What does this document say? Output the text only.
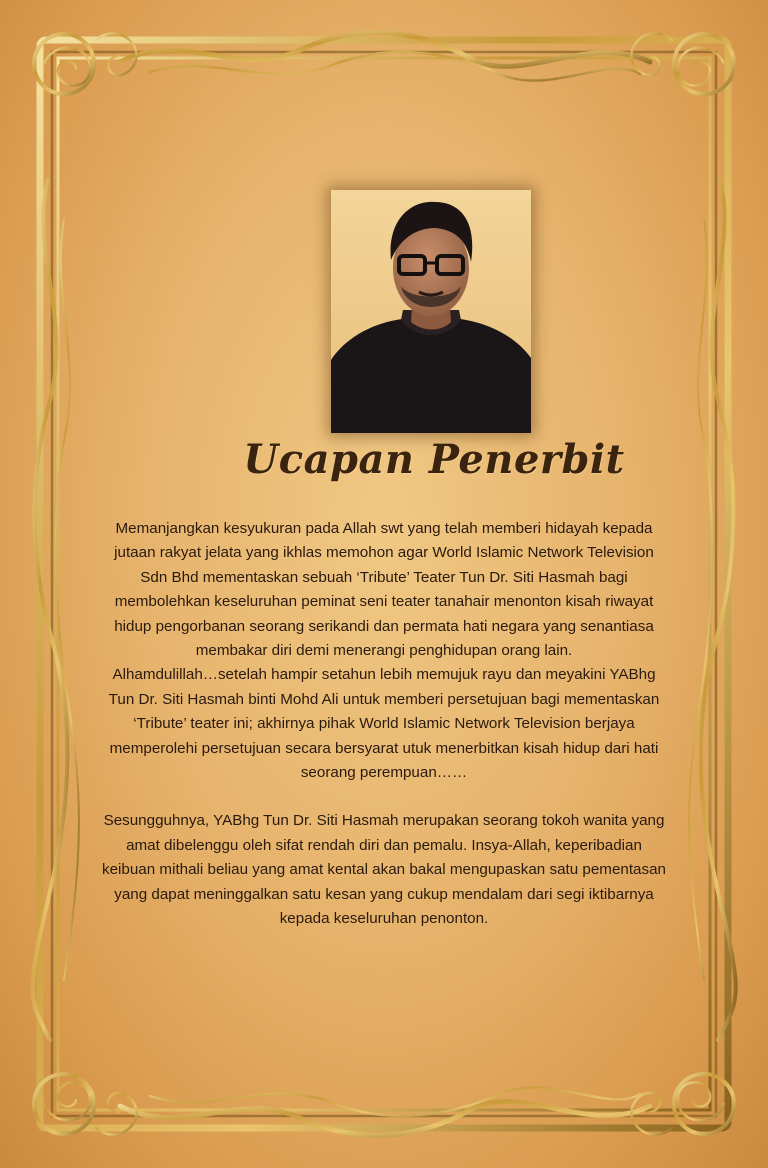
Ucapan Penerbit

Memanjangkan kesyukuran pada Allah swt yang telah memberi hidayah kepada jutaan rakyat jelata yang ikhlas memohon agar World Islamic Network Television Sdn Bhd mementaskan sebuah ‘Tribute’ Teater Tun Dr. Siti Hasmah bagi membolehkan keseluruhan peminat seni teater tanahair menonton kisah riwayat hidup pengorbanan seorang serikandi dan permata hati negara yang senantiasa membakar diri demi menerangi penghidupan orang lain.

Alhamdulillah…setelah hampir setahun lebih memujuk rayu dan meyakini YABhg Tun Dr. Siti Hasmah binti Mohd Ali untuk memberi persetujuan bagi mementaskan ‘Tribute’ teater ini; akhirnya pihak World Islamic Network Television berjaya memperolehi persetujuan secara bersyarat utuk menerbitkan kisah hidup dari hati seorang perempuan……

Sesungguhnya, YABhg Tun Dr. Siti Hasmah merupakan seorang tokoh wanita yang amat dibelenggu oleh sifat rendah diri dan pemalu. Insya-Allah, keperibadian keibuan mithali beliau yang amat kental akan bakal mengupaskan satu pementasan yang dapat meninggalkan satu kesan yang cukup mendalam dari segi iktibarnya kepada keseluruhan penonton.
